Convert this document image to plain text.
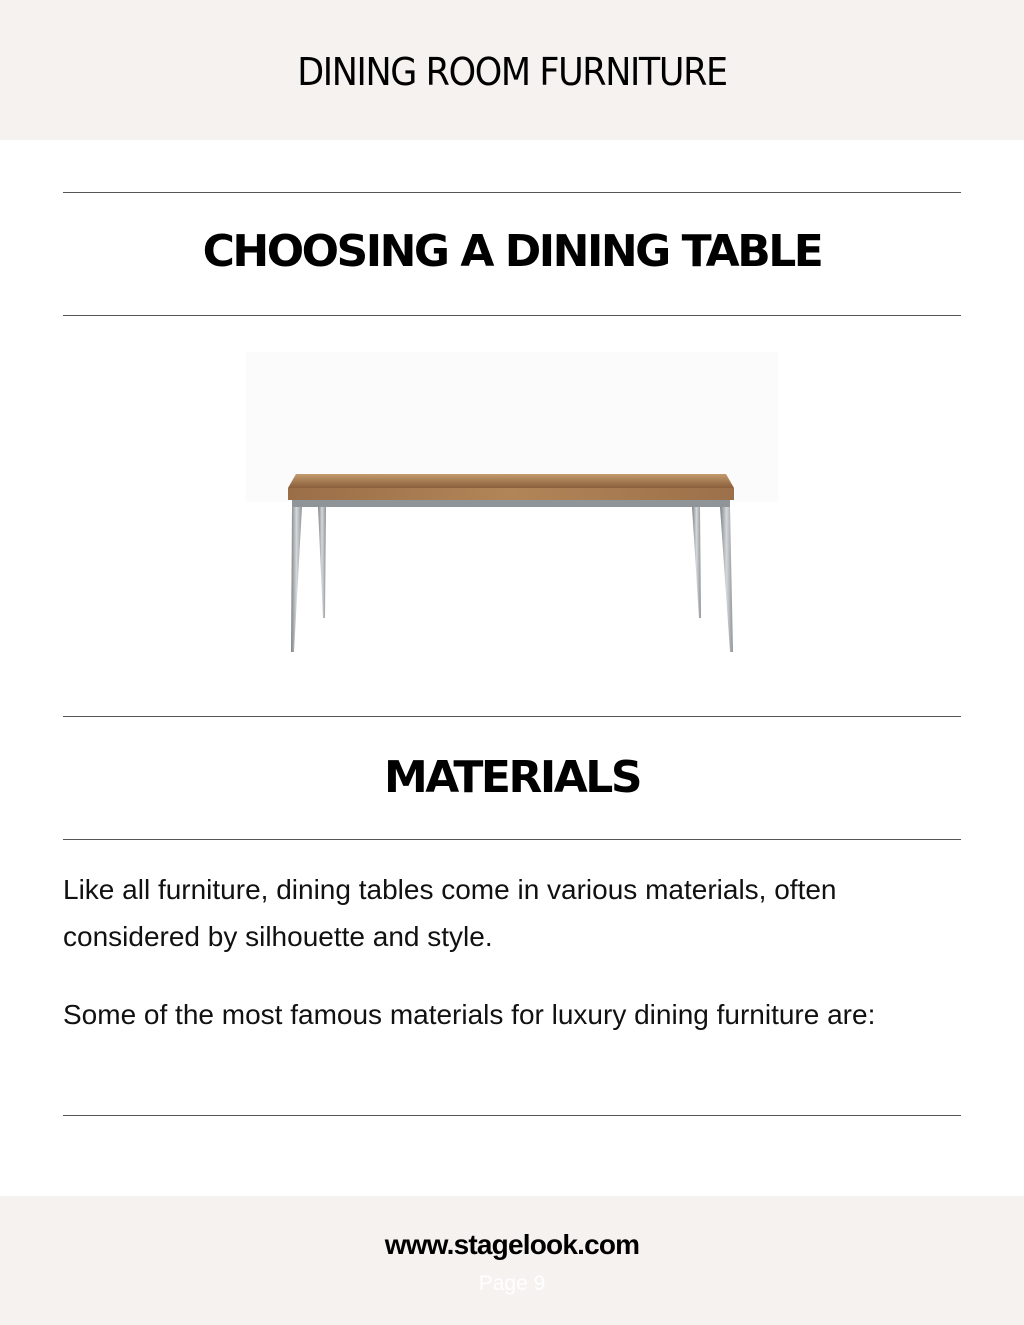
DINING ROOM FURNITURE
CHOOSING A DINING TABLE
MATERIALS

Like all furniture, dining tables come in various materials, often considered by silhouette and style.

Some of the most famous materials for luxury dining furniture are:

www.stagelook.com

Page 9
